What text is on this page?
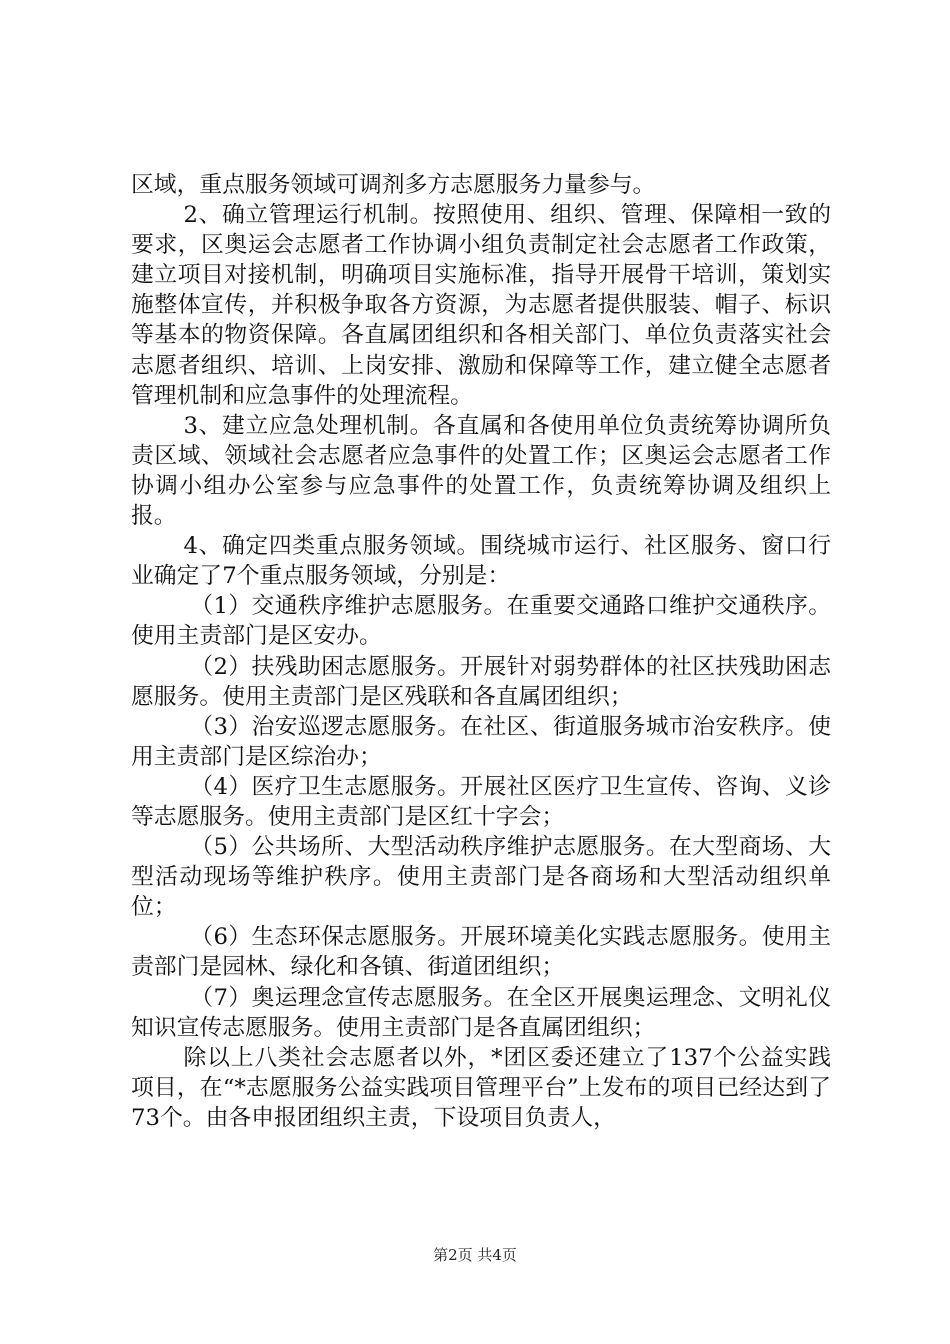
区域，重点服务领域可调剂多方志愿服务力量参与。

2、确立管理运行机制。按照使用、组织、管理、保障相一致的要求，区奥运会志愿者工作协调小组负责制定社会志愿者工作政策，建立项目对接机制，明确项目实施标准，指导开展骨干培训，策划实施整体宣传，并积极争取各方资源，为志愿者提供服装、帽子、标识等基本的物资保障。各直属团组织和各相关部门、单位负责落实社会志愿者组织、培训、上岗安排、激励和保障等工作，建立健全志愿者管理机制和应急事件的处理流程。

3、建立应急处理机制。各直属和各使用单位负责统筹协调所负责区域、领域社会志愿者应急事件的处置工作；区奥运会志愿者工作协调小组办公室参与应急事件的处置工作，负责统筹协调及组织上报。

4、确定四类重点服务领域。围绕城市运行、社区服务、窗口行业确定了7个重点服务领域，分别是：

（1）交通秩序维护志愿服务。在重要交通路口维护交通秩序。使用主责部门是区安办。

（2）扶残助困志愿服务。开展针对弱势群体的社区扶残助困志愿服务。使用主责部门是区残联和各直属团组织；

（3）治安巡逻志愿服务。在社区、街道服务城市治安秩序。使用主责部门是区综治办；

（4）医疗卫生志愿服务。开展社区医疗卫生宣传、咨询、义诊等志愿服务。使用主责部门是区红十字会；

（5）公共场所、大型活动秩序维护志愿服务。在大型商场、大型活动现场等维护秩序。使用主责部门是各商场和大型活动组织单位；

（6）生态环保志愿服务。开展环境美化实践志愿服务。使用主责部门是园林、绿化和各镇、街道团组织；

（7）奥运理念宣传志愿服务。在全区开展奥运理念、文明礼仪知识宣传志愿服务。使用主责部门是各直属团组织；

除以上八类社会志愿者以外，*团区委还建立了137个公益实践项目，在“*志愿服务公益实践项目管理平台”上发布的项目已经达到了73个。由各申报团组织主责，下设项目负责人，

第2页 共4页
